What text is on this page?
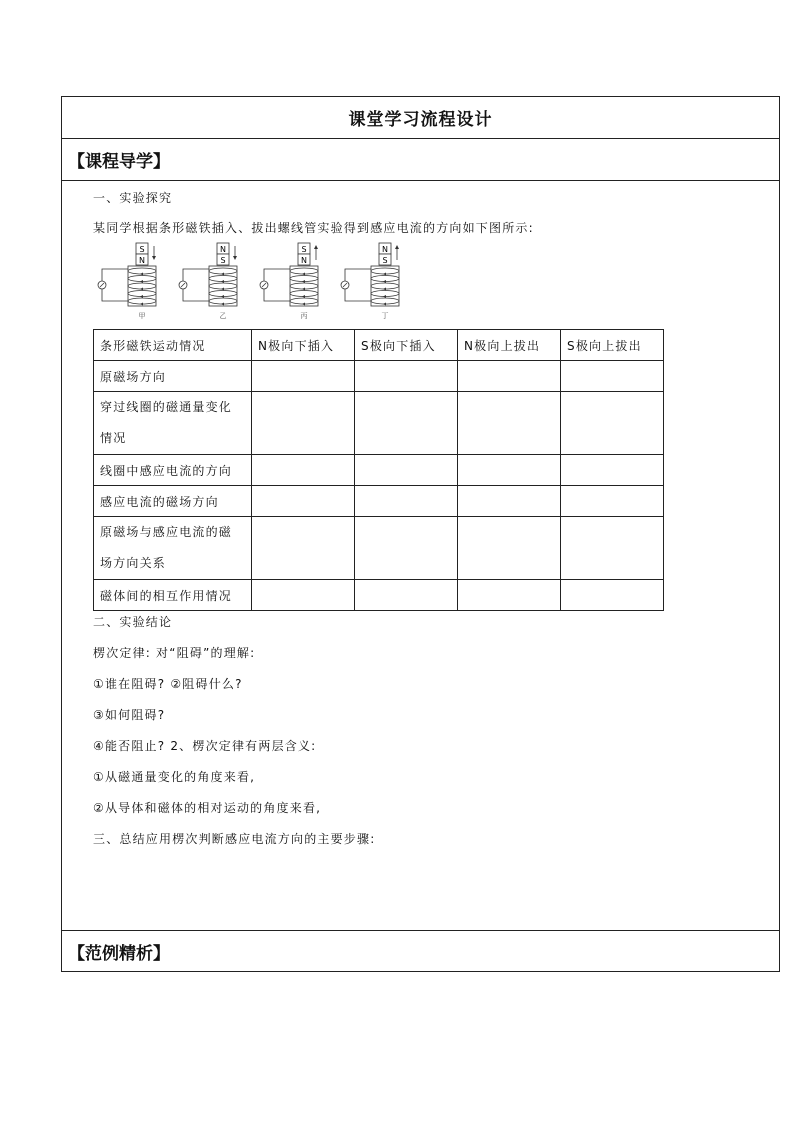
课堂学习流程设计
【课程导学】
一、实验探究
某同学根据条形磁铁插入、拔出螺线管实验得到感应电流的方向如下图所示:
S
N
甲
N
S
乙
S
N
丙
N
S
丁
条形磁铁运动情况	N极向下插入	S极向下插入	N极向上拔出	S极向上拔出
原磁场方向				
穿过线圈的磁通量变化
情况				
线圈中感应电流的方向				
感应电流的磁场方向				
原磁场与感应电流的磁
场方向关系				
磁体间的相互作用情况				
二、实验结论
楞次定律: 对“阻碍”的理解:
①谁在阻碍? ②阻碍什么?
③如何阻碍?
④能否阻止? 2、楞次定律有两层含义:
①从磁通量变化的角度来看,
②从导体和磁体的相对运动的角度来看,
三、总结应用楞次判断感应电流方向的主要步骤:
【范例精析】
